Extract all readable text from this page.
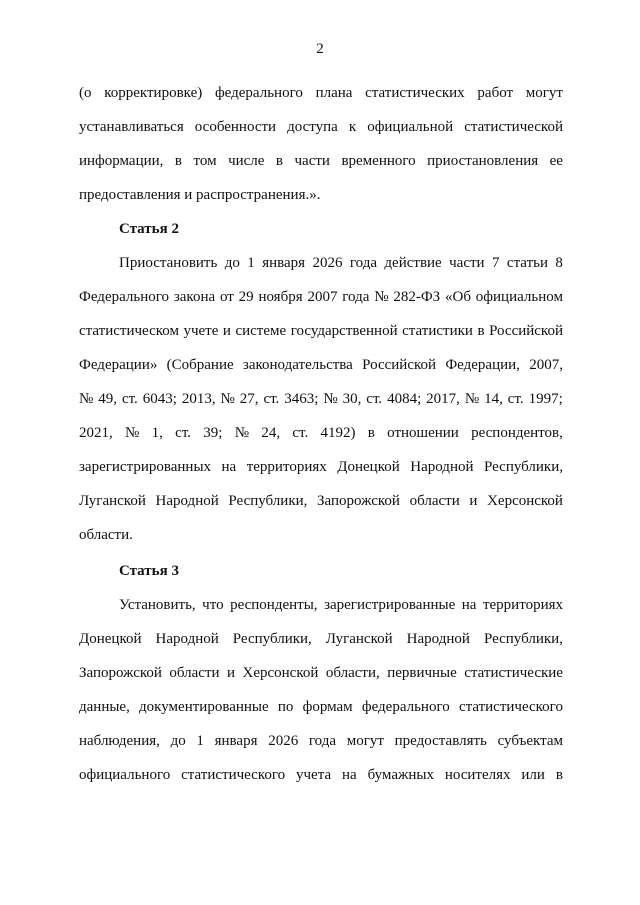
2
(о корректировке) федерального плана статистических работ могут
устанавливаться особенности доступа к официальной статистической
информации, в том числе в части временного приостановления ее
предоставления и распространения.».
Статья 2
Приостановить до 1 января 2026 года действие части 7 статьи 8
Федерального закона от 29 ноября 2007 года № 282-ФЗ «Об официальном
статистическом учете и системе государственной статистики в Российской
Федерации» (Собрание законодательства Российской Федерации, 2007,
№ 49, ст. 6043; 2013, № 27, ст. 3463; № 30, ст. 4084; 2017, № 14, ст. 1997;
2021, № 1, ст. 39; № 24, ст. 4192) в отношении респондентов,
зарегистрированных на территориях Донецкой Народной Республики,
Луганской Народной Республики, Запорожской области и Херсонской
области.
Статья 3
Установить, что респонденты, зарегистрированные на территориях
Донецкой Народной Республики, Луганской Народной Республики,
Запорожской области и Херсонской области, первичные статистические
данные, документированные по формам федерального статистического
наблюдения, до 1 января 2026 года могут предоставлять субъектам
официального статистического учета на бумажных носителях или в
